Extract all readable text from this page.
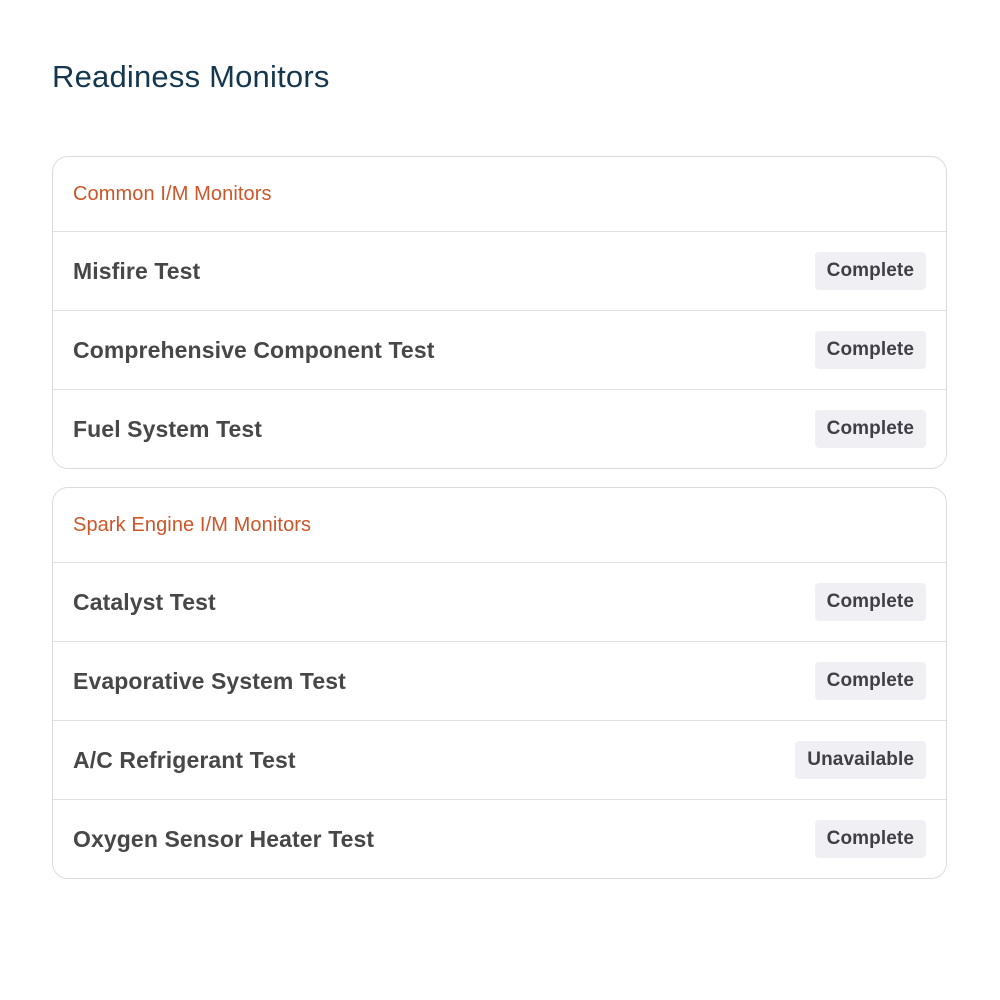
Readiness Monitors
Common I/M Monitors
Misfire Test	Complete
Comprehensive Component Test	Complete
Fuel System Test	Complete
Spark Engine I/M Monitors
Catalyst Test	Complete
Evaporative System Test	Complete
A/C Refrigerant Test	Unavailable
Oxygen Sensor Heater Test	Complete
